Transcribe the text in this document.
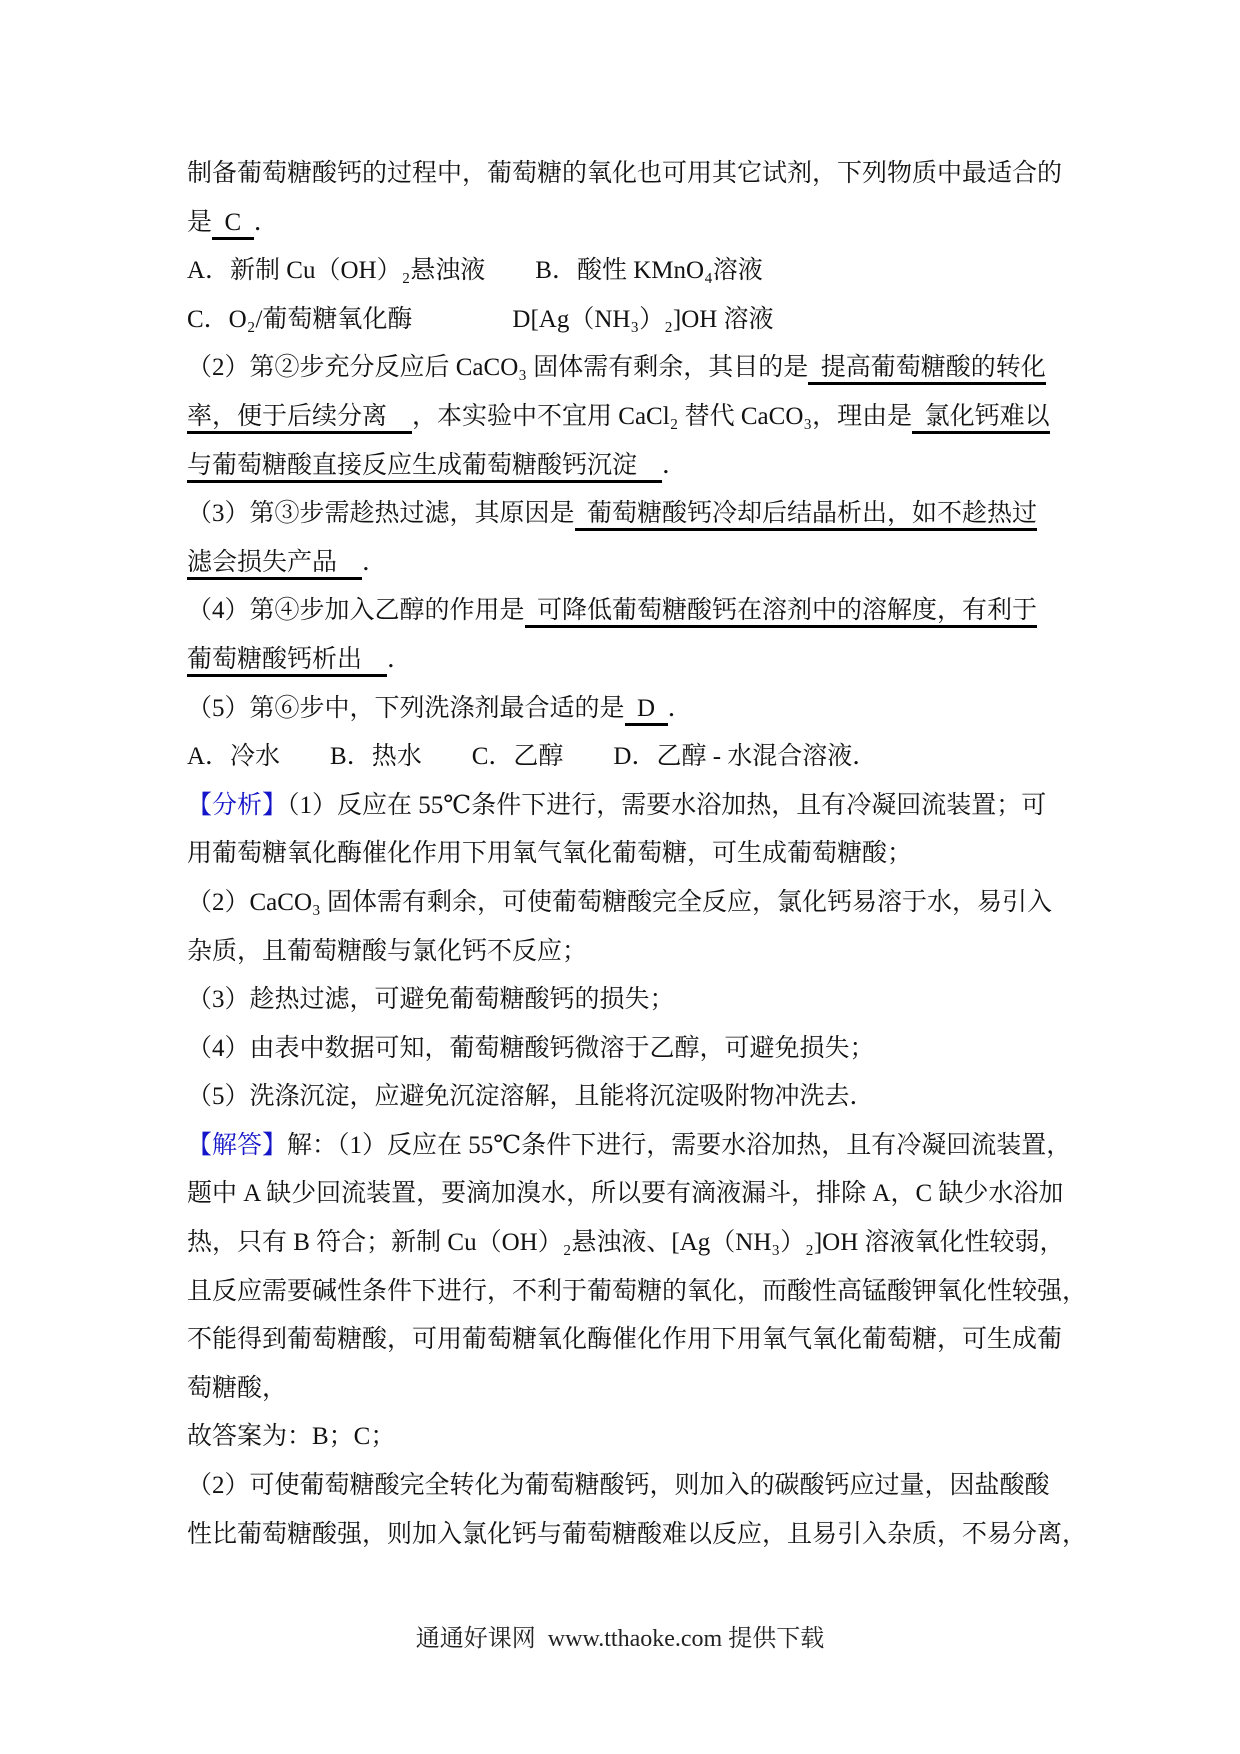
制备葡萄糖酸钙的过程中，葡萄糖的氧化也可用其它试剂，下列物质中最适合的
是  C  ．
A．新制 Cu（OH）₂悬浊液　　B．酸性 KMnO₄溶液
C．O₂/葡萄糖氧化酶　　　　D[Ag（NH₃）₂]OH 溶液
（2）第②步充分反应后 CaCO₃ 固体需有剩余，其目的是  提高葡萄糖酸的转化
率，便于后续分离　，本实验中不宜用 CaCl₂ 替代 CaCO₃，理由是  氯化钙难以
与葡萄糖酸直接反应生成葡萄糖酸钙沉淀　．
（3）第③步需趁热过滤，其原因是  葡萄糖酸钙冷却后结晶析出，如不趁热过
滤会损失产品　．
（4）第④步加入乙醇的作用是  可降低葡萄糖酸钙在溶剂中的溶解度，有利于
葡萄糖酸钙析出　．
（5）第⑥步中，下列洗涤剂最合适的是  D  ．
A．冷水　　B．热水　　C．乙醇　　D．乙醇 - 水混合溶液．
【分析】（1）反应在 55℃条件下进行，需要水浴加热，且有冷凝回流装置；可
用葡萄糖氧化酶催化作用下用氧气氧化葡萄糖，可生成葡萄糖酸；
（2）CaCO₃ 固体需有剩余，可使葡萄糖酸完全反应，氯化钙易溶于水，易引入
杂质，且葡萄糖酸与氯化钙不反应；
（3）趁热过滤，可避免葡萄糖酸钙的损失；
（4）由表中数据可知，葡萄糖酸钙微溶于乙醇，可避免损失；
（5）洗涤沉淀，应避免沉淀溶解，且能将沉淀吸附物冲洗去．
【解答】解：（1）反应在 55℃条件下进行，需要水浴加热，且有冷凝回流装置，
题中 A 缺少回流装置，要滴加溴水，所以要有滴液漏斗，排除 A，C 缺少水浴加
热，只有 B 符合；新制 Cu（OH）₂悬浊液、[Ag（NH₃）₂]OH 溶液氧化性较弱，
且反应需要碱性条件下进行，不利于葡萄糖的氧化，而酸性高锰酸钾氧化性较强，
不能得到葡萄糖酸，可用葡萄糖氧化酶催化作用下用氧气氧化葡萄糖，可生成葡
萄糖酸，
故答案为：B；C；
（2）可使葡萄糖酸完全转化为葡萄糖酸钙，则加入的碳酸钙应过量，因盐酸酸
性比葡萄糖酸强，则加入氯化钙与葡萄糖酸难以反应，且易引入杂质，不易分离，
通通好课网  www.tthaoke.com 提供下载
